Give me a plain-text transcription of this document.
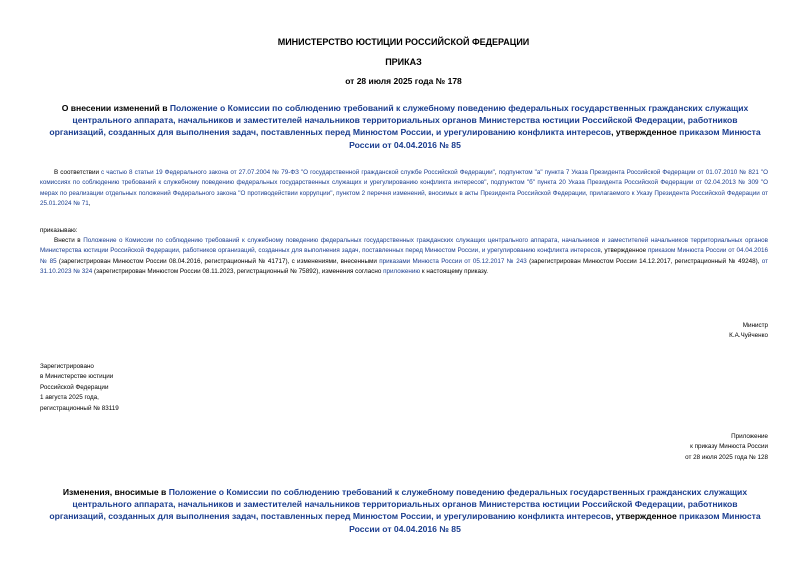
МИНИСТЕРСТВО ЮСТИЦИИ РОССИЙСКОЙ ФЕДЕРАЦИИ
ПРИКАЗ
от 28 июля 2025 года № 178
О внесении изменений в Положение о Комиссии по соблюдению требований к служебному поведению федеральных государственных гражданских служащих центрального аппарата, начальников и заместителей начальников территориальных органов Министерства юстиции Российской Федерации, работников организаций, созданных для выполнения задач, поставленных перед Минюстом России, и урегулированию конфликта интересов, утвержденное приказом Минюста России от 04.04.2016 № 85
В соответствии с частью 8 статьи 19 Федерального закона от 27.07.2004 № 79-ФЗ "О государственной гражданской службе Российской Федерации", подпунктом "а" пункта 7 Указа Президента Российской Федерации от 01.07.2010 № 821 "О комиссиях по соблюдению требований к служебному поведению федеральных государственных служащих и урегулированию конфликта интересов", подпунктом "б" пункта 20 Указа Президента Российской Федерации от 02.04.2013 № 309 "О мерах по реализации отдельных положений Федерального закона "О противодействии коррупции", пунктом 2 перечня изменений, вносимых в акты Президента Российской Федерации, прилагаемого к Указу Президента Российской Федерации от 25.01.2024 № 71,
приказываю:
Внести в Положение о Комиссии по соблюдению требований к служебному поведению федеральных государственных гражданских служащих центрального аппарата, начальников и заместителей начальников территориальных органов Министерства юстиции Российской Федерации, работников организаций, созданных для выполнения задач, поставленных перед Минюстом России, и урегулированию конфликта интересов, утвержденное приказом Минюста России от 04.04.2016 № 85 (зарегистрирован Минюстом России 08.04.2016, регистрационный № 41717), с изменениями, внесенными приказами Минюста России от 05.12.2017 № 243 (зарегистрирован Минюстом России 14.12.2017, регистрационный № 49248), от 31.10.2023 № 324 (зарегистрирован Минюстом России 08.11.2023, регистрационный № 75892), изменения согласно приложению к настоящему приказу.
Министр
К.А.Чуйченко
Зарегистрировано
в Министерстве юстиции
Российской Федерации
1 августа 2025 года,
регистрационный № 83119
Приложение
к приказу Минюста России
от 28 июля 2025 года № 128
Изменения, вносимые в Положение о Комиссии по соблюдению требований к служебному поведению федеральных государственных гражданских служащих центрального аппарата, начальников и заместителей начальников территориальных органов Министерства юстиции Российской Федерации, работников организаций, созданных для выполнения задач, поставленных перед Минюстом России, и урегулированию конфликта интересов, утвержденное приказом Минюста России от 04.04.2016 № 85
